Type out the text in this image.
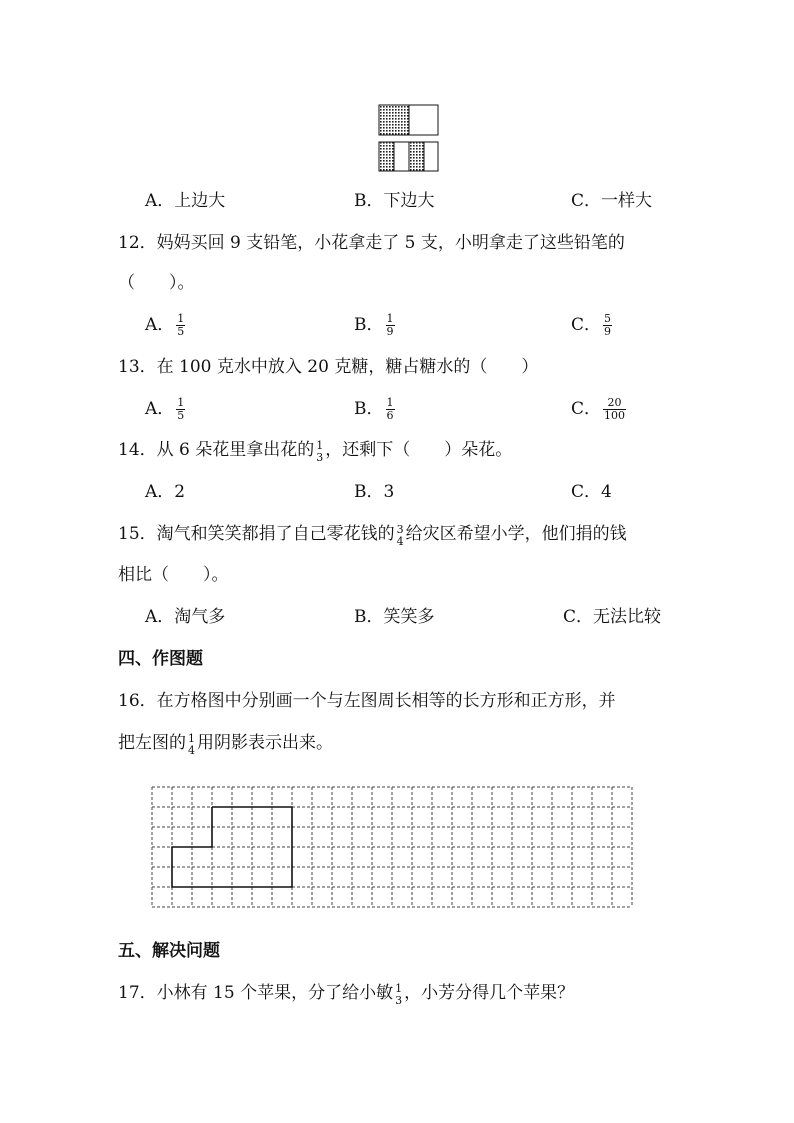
A．上边大	B．下边大	C．一样大
12．妈妈买回 9 支铅笔，小花拿走了 5 支，小明拿走了这些铅笔的
（　　）。
A． $\frac{1}{5}$	B． $\frac{1}{9}$	C． $\frac{5}{9}$
13．在 100 克水中放入 20 克糖，糖占糖水的（　　）
A． $\frac{1}{5}$	B． $\frac{1}{6}$	C． $\frac{20}{100}$
14．从 6 朵花里拿出花的 1
3 ，还剩下（　　）朵花。
A．2	B．3	C．4
15．淘气和笑笑都捐了自己零花钱的 3
4 给灾区希望小学，他们捐的钱
相比（　　）。
A．淘气多	B．笑笑多	C．无法比较
四、作图题
16．在方格图中分别画一个与左图周长相等的长方形和正方形，并
把左图的 1
4 用阴影表示出来。
五、解决问题
17．小林有 15 个苹果，分了给小敏 1
3 ，小芳分得几个苹果？
